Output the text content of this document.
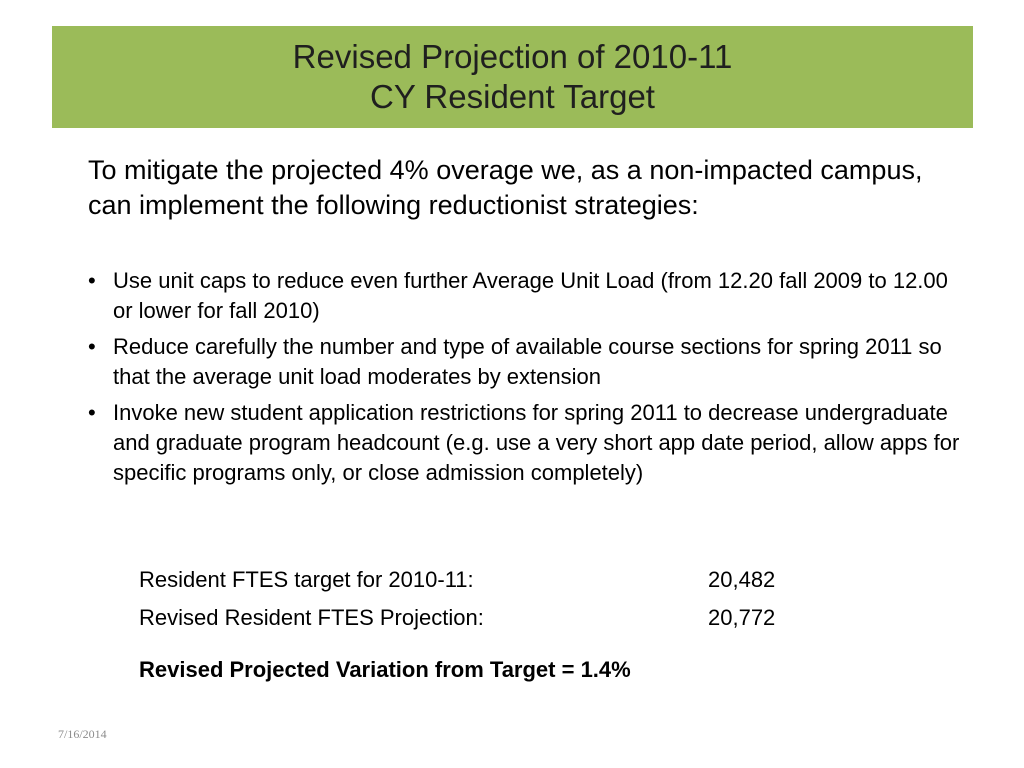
Revised Projection of 2010-11
CY Resident Target
To mitigate the projected 4% overage we, as a non-impacted campus, can implement the following reductionist strategies:
• Use unit caps to reduce even further Average Unit Load (from 12.20 fall 2009 to 12.00 or lower for fall 2010)
• Reduce carefully the number and type of available course sections for spring 2011 so that the average unit load moderates by extension
• Invoke new student application restrictions for spring 2011 to decrease undergraduate and graduate program headcount (e.g. use a very short app date period, allow apps for specific programs only, or close admission completely)
Resident FTES target for 2010-11:	20,482
Revised Resident FTES Projection:	20,772
Revised Projected Variation from Target = 1.4%
7/16/2014
